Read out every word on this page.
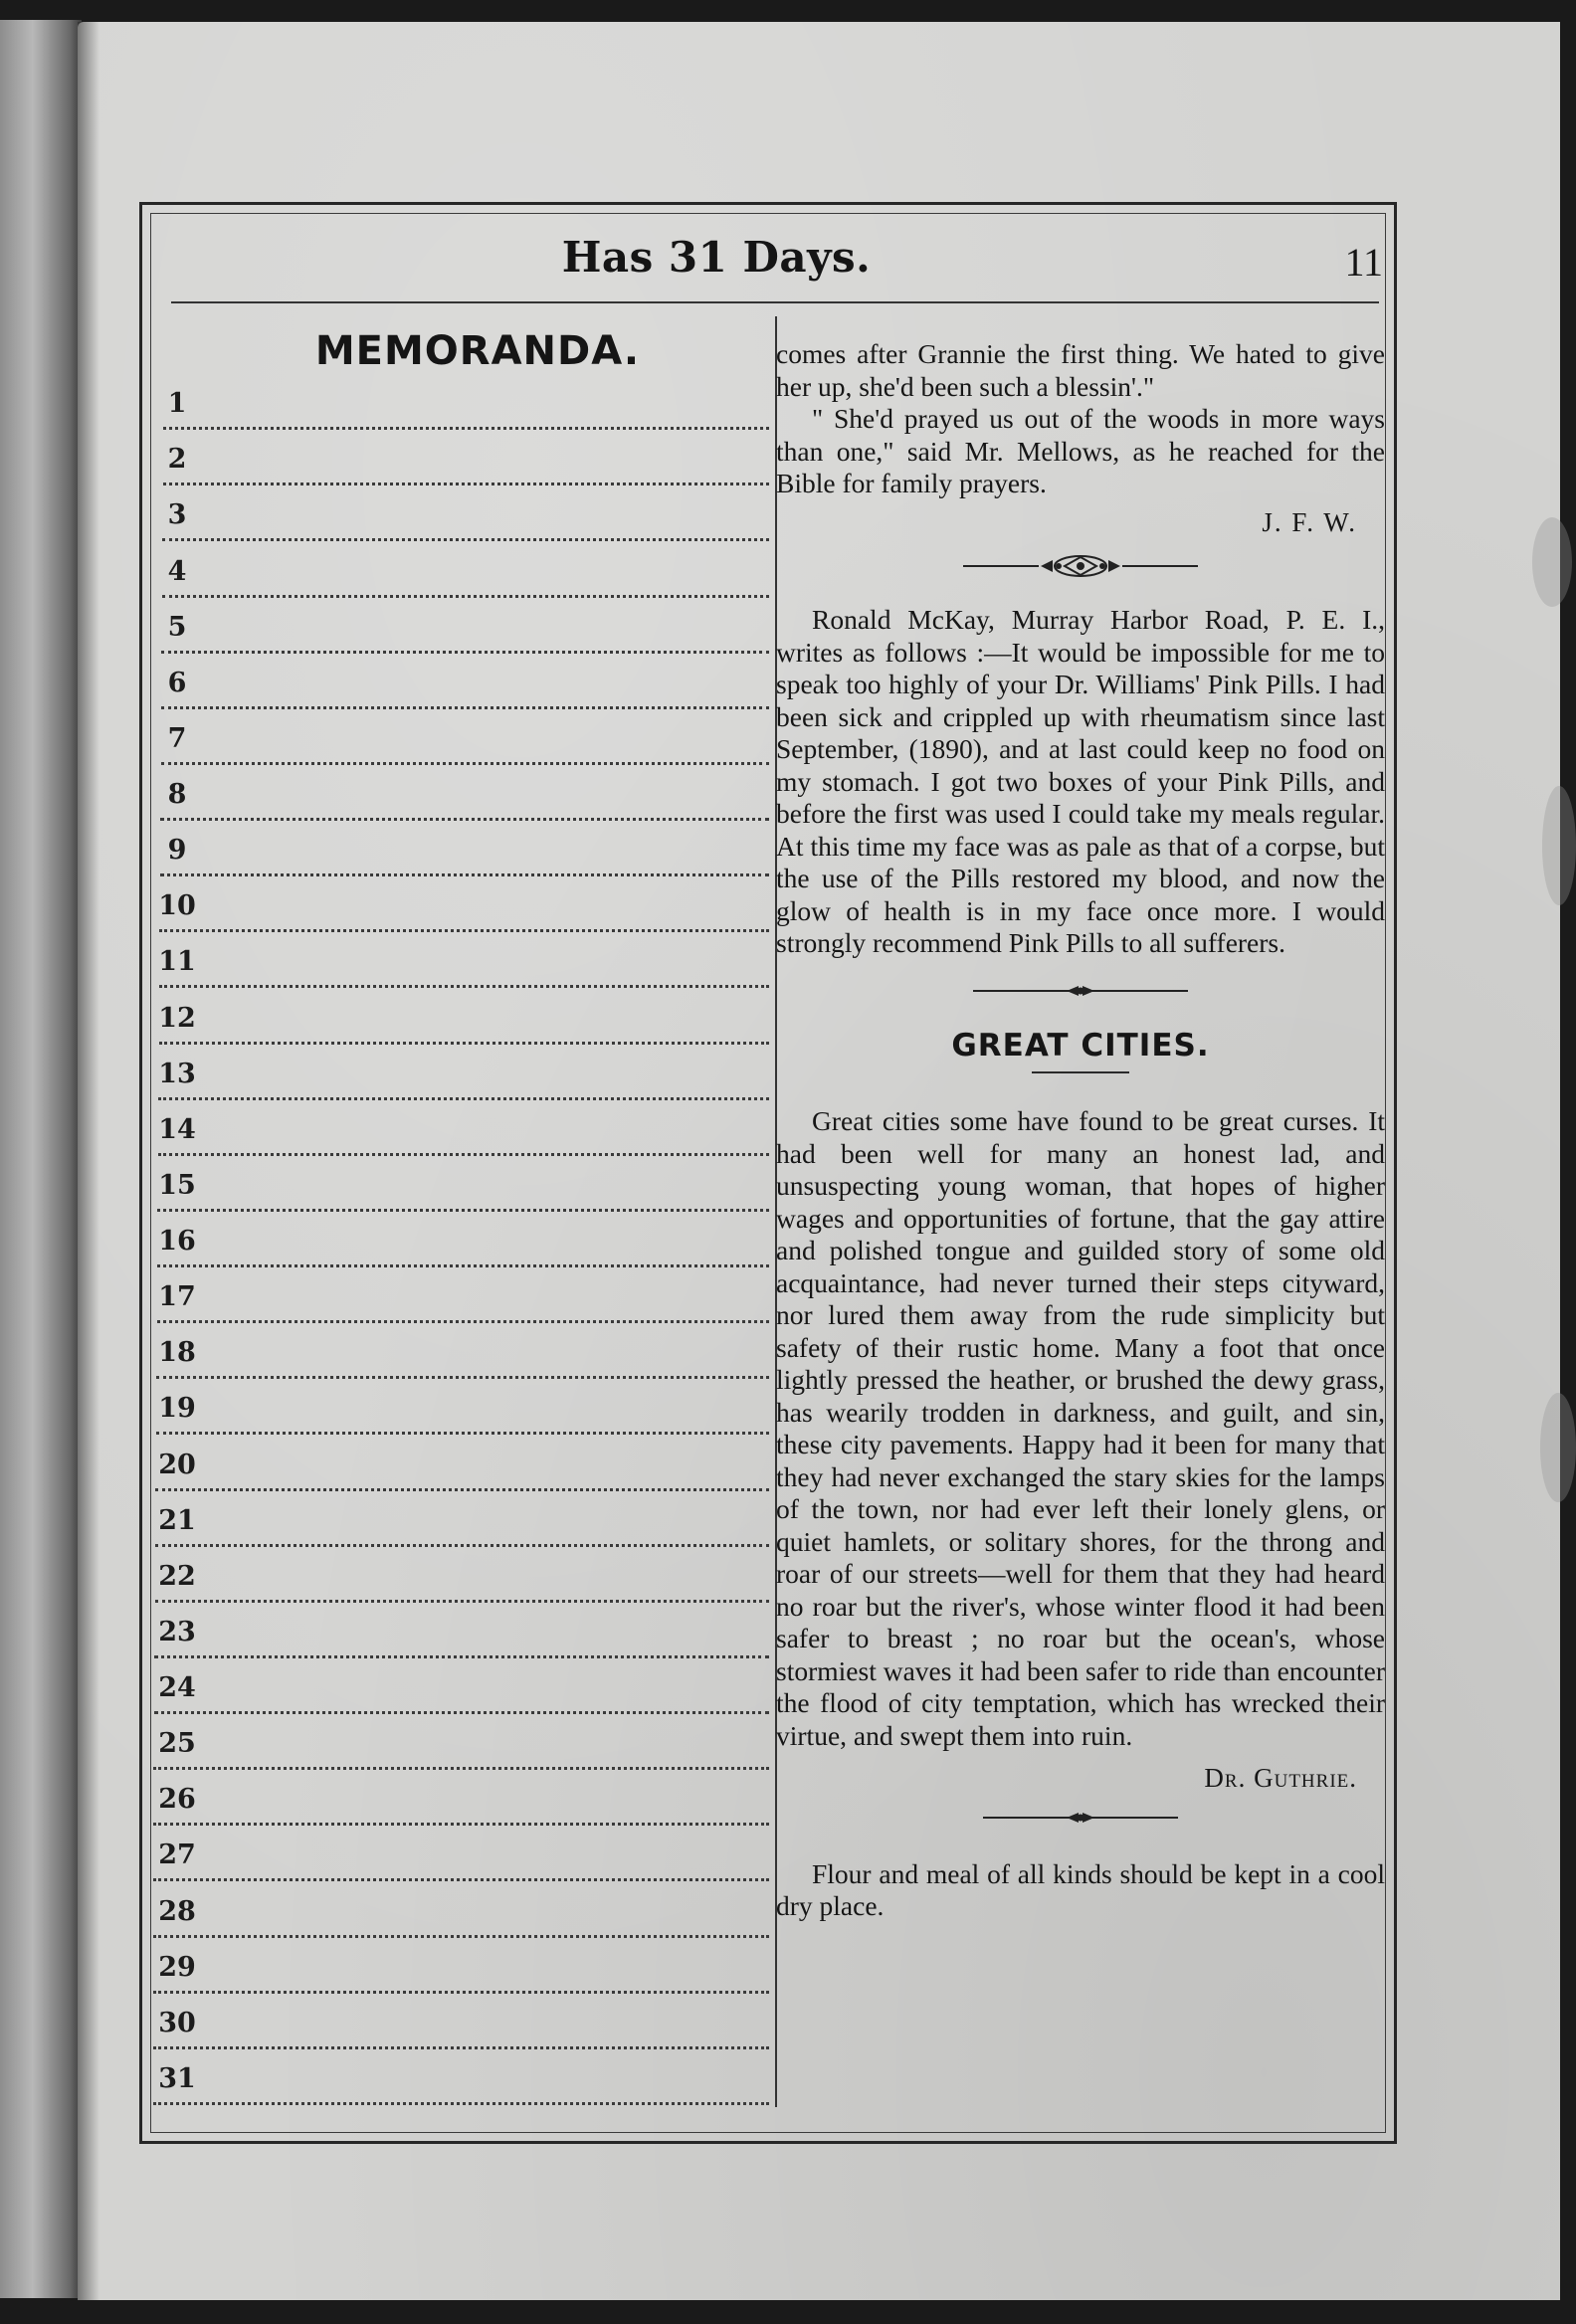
Has 31 Days.	11
MEMORANDA.
1
2
3
4
5
6
7
8
9
10
11
12
13
14
15
16
17
18
19
20
21
22
23
24
25
26
27
28
29
30
31

comes after Grannie the first thing. We hated to give her up, she'd been such a blessin'."

" She'd prayed us out of the woods in more ways than one," said Mr. Mellows, as he reached for the Bible for family prayers.

J. F. W.

Ronald McKay, Murray Harbor Road, P. E. I., writes as follows :—It would be impossible for me to speak too highly of your Dr. Williams' Pink Pills. I had been sick and crippled up with rheumatism since last September, (1890), and at last could keep no food on my stomach. I got two boxes of your Pink Pills, and before the first was used I could take my meals regular. At this time my face was as pale as that of a corpse, but the use of the Pills restored my blood, and now the glow of health is in my face once more. I would strongly recommend Pink Pills to all sufferers.

GREAT CITIES.

Great cities some have found to be great curses. It had been well for many an honest lad, and unsuspecting young woman, that hopes of higher wages and opportunities of fortune, that the gay attire and polished tongue and guilded story of some old acquaintance, had never turned their steps cityward, nor lured them away from the rude simplicity but safety of their rustic home. Many a foot that once lightly pressed the heather, or brushed the dewy grass, has wearily trodden in darkness, and guilt, and sin, these city pavements. Happy had it been for many that they had never exchanged the stary skies for the lamps of the town, nor had ever left their lonely glens, or quiet hamlets, or solitary shores, for the throng and roar of our streets—well for them that they had heard no roar but the river's, whose winter flood it had been safer to breast ; no roar but the ocean's, whose stormiest waves it had been safer to ride than encounter the flood of city temptation, which has wrecked their virtue, and swept them into ruin.

Dr. Guthrie.

Flour and meal of all kinds should be kept in a cool dry place.
